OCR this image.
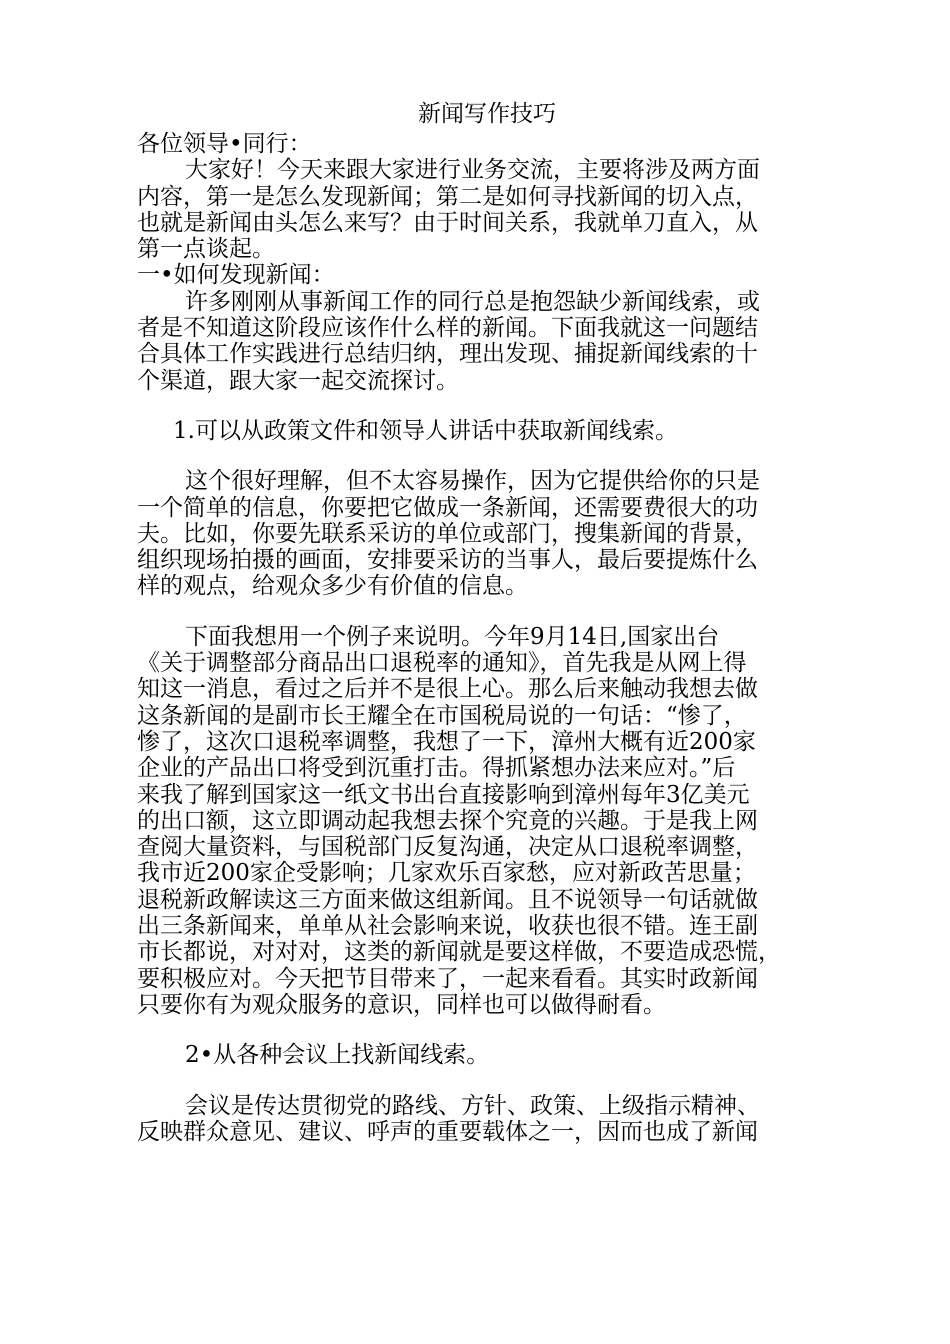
新闻写作技巧
各位领导•同行：
大家好！今天来跟大家进行业务交流，主要将涉及两方面
内容，第一是怎么发现新闻；第二是如何寻找新闻的切入点，
也就是新闻由头怎么来写？由于时间关系，我就单刀直入，从
第一点谈起。
一•如何发现新闻：
许多刚刚从事新闻工作的同行总是抱怨缺少新闻线索，或
者是不知道这阶段应该作什么样的新闻。下面我就这一问题结
合具体工作实践进行总结归纳，理出发现、捕捉新闻线索的十
个渠道，跟大家一起交流探讨。
1.可以从政策文件和领导人讲话中获取新闻线索。
这个很好理解，但不太容易操作，因为它提供给你的只是
一个简单的信息，你要把它做成一条新闻，还需要费很大的功
夫。比如，你要先联系采访的单位或部门，搜集新闻的背景，
组织现场拍摄的画面，安排要采访的当事人，最后要提炼什么
样的观点，给观众多少有价值的信息。
下面我想用一个例子来说明。今年9月14日,国家出台
《关于调整部分商品出口退税率的通知》，首先我是从网上得
知这一消息，看过之后并不是很上心。那么后来触动我想去做
这条新闻的是副市长王耀全在市国税局说的一句话：“惨了，
惨了，这次口退税率调整，我想了一下，漳州大概有近200家
企业的产品出口将受到沉重打击。得抓紧想办法来应对。”后
来我了解到国家这一纸文书出台直接影响到漳州每年3亿美元
的出口额，这立即调动起我想去探个究竟的兴趣。于是我上网
查阅大量资料，与国税部门反复沟通，决定从口退税率调整，
我市近200家企受影响；几家欢乐百家愁，应对新政苦思量；
退税新政解读这三方面来做这组新闻。且不说领导一句话就做
出三条新闻来，单单从社会影响来说，收获也很不错。连王副
市长都说，对对对，这类的新闻就是要这样做，不要造成恐慌，
要积极应对。今天把节目带来了，一起来看看。其实时政新闻
只要你有为观众服务的意识，同样也可以做得耐看。
2•从各种会议上找新闻线索。
会议是传达贯彻党的路线、方针、政策、上级指示精神、
反映群众意见、建议、呼声的重要载体之一，因而也成了新闻
